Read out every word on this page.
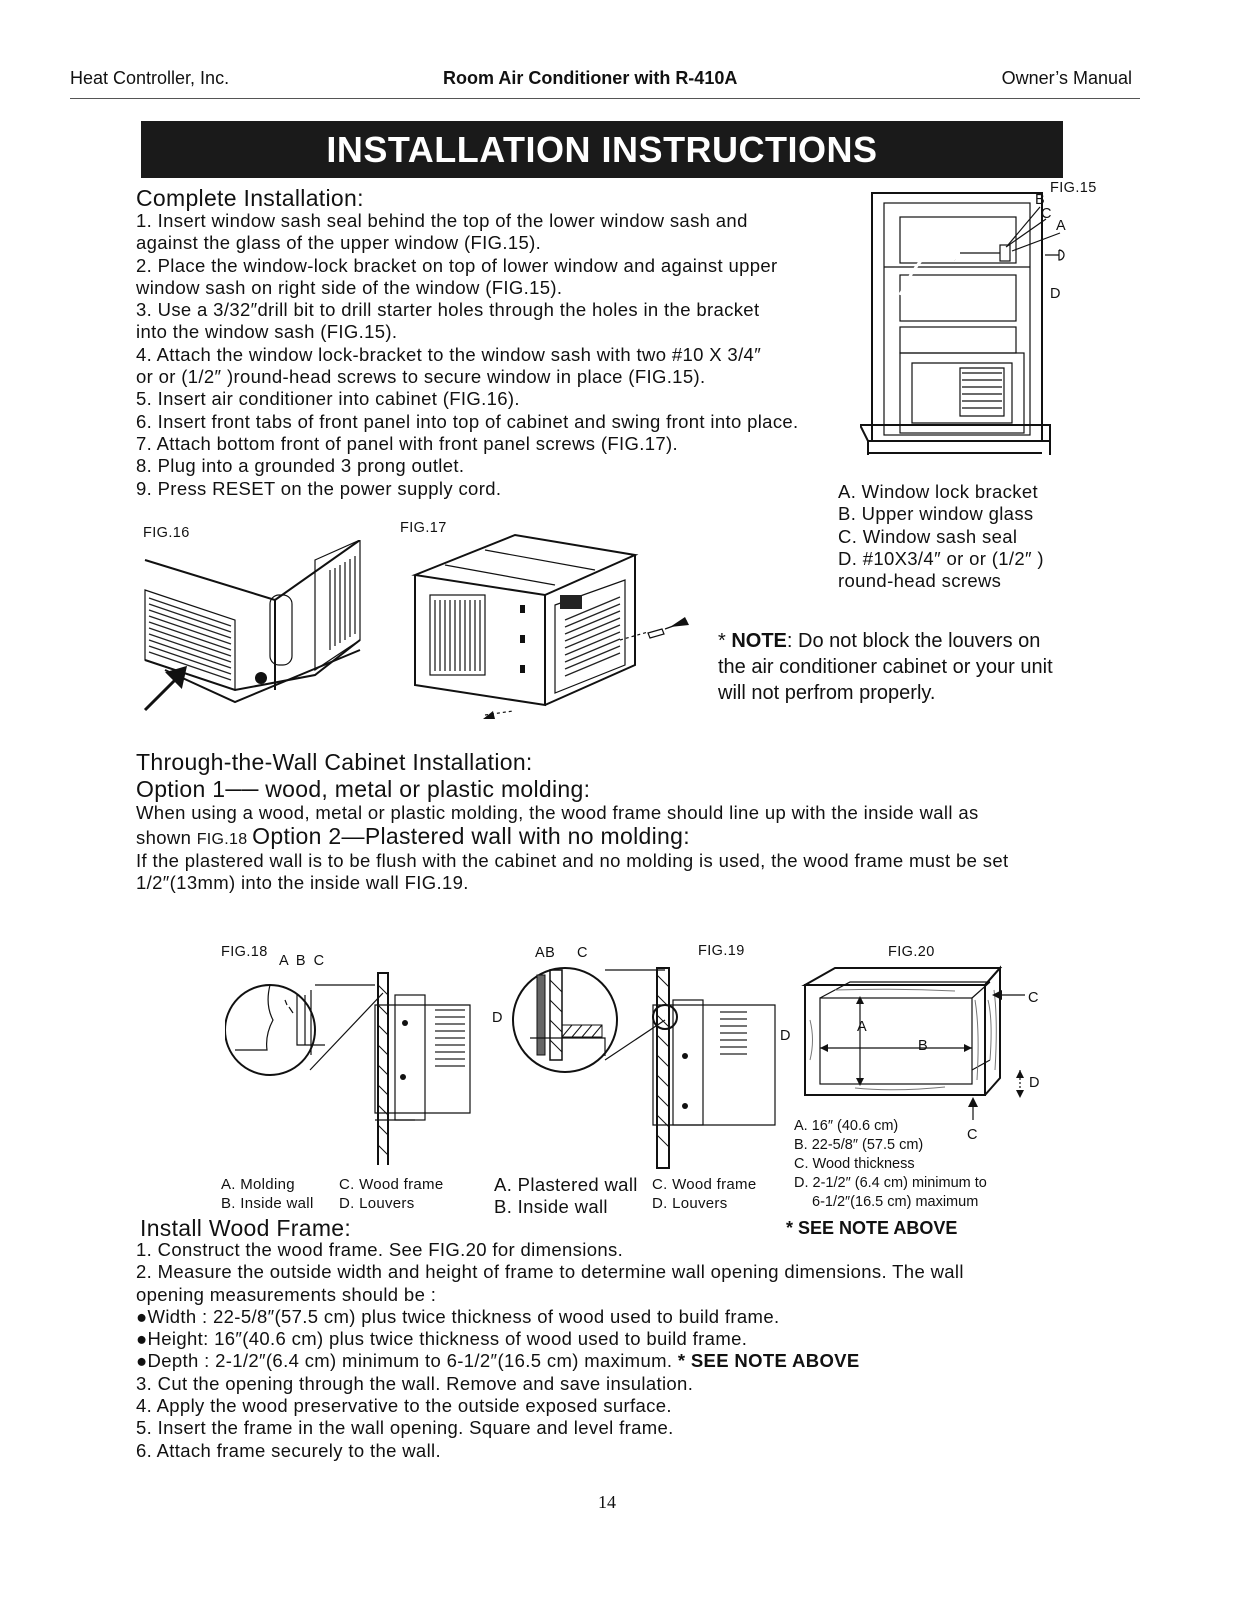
Heat Controller, Inc.	Room Air Conditioner with R-410A	Owner’s Manual
INSTALLATION INSTRUCTIONS
Complete Installation:
1. Insert window sash seal behind the top of the lower window sash and
against the glass of the upper window (FIG.15).
2. Place the window-lock bracket on top of lower window and against upper
window sash on right side of the window (FIG.15).
3. Use a 3/32″drill bit to drill starter holes through the holes in the bracket
into the window sash (FIG.15).
4. Attach the window lock-bracket to the window sash with two #10 X 3/4″
or or (1/2″ )round-head screws to secure window in place (FIG.15).
5. Insert air conditioner into cabinet (FIG.16).
6. Insert front tabs of front panel into top of cabinet and swing front into place.
7. Attach bottom front of panel with front panel screws (FIG.17).
8. Plug into a grounded 3 prong outlet.
9. Press RESET on the power supply cord.
FIG.15
B
C
A
D
A. Window lock bracket
B. Upper window glass
C. Window sash seal
D. #10X3/4″ or or (1/2″ )
round-head screws
FIG.16	FIG.17
* NOTE: Do not block the louvers on
the air conditioner cabinet or your unit
will not perfrom properly.
Through-the-Wall Cabinet Installation:
Option 1── wood, metal or plastic molding:
When using a wood, metal or plastic molding, the wood frame should line up with the inside wall as
shown FIG.18 Option 2—Plastered wall with no molding:
If the plastered wall is to be flush with the cabinet and no molding is used, the wood frame must be set
1/2″(13mm) into the inside wall FIG.19.
FIG.18
A B C
D
A. Molding
B. Inside wall
C. Wood frame
D. Louvers
AB C	FIG.19
D
A. Plastered wall
B. Inside wall
C. Wood frame
D. Louvers
FIG.20
C
A
B
D
C
A. 16″ (40.6 cm)
B. 22-5/8″ (57.5 cm)
C. Wood thickness
D. 2-1/2″ (6.4 cm) minimum to
6-1/2″(16.5 cm) maximum
* SEE NOTE ABOVE
Install Wood Frame:
1. Construct the wood frame. See FIG.20 for dimensions.
2. Measure the outside width and height of frame to determine wall opening dimensions. The wall
opening measurements should be :
●Width : 22-5/8″(57.5 cm) plus twice thickness of wood used to build frame.
●Height: 16″(40.6 cm) plus twice thickness of wood used to build frame.
●Depth : 2-1/2″(6.4 cm) minimum to 6-1/2″(16.5 cm) maximum. * SEE NOTE ABOVE
3. Cut the opening through the wall. Remove and save insulation.
4. Apply the wood preservative to the outside exposed surface.
5. Insert the frame in the wall opening. Square and level frame.
6. Attach frame securely to the wall.
14
